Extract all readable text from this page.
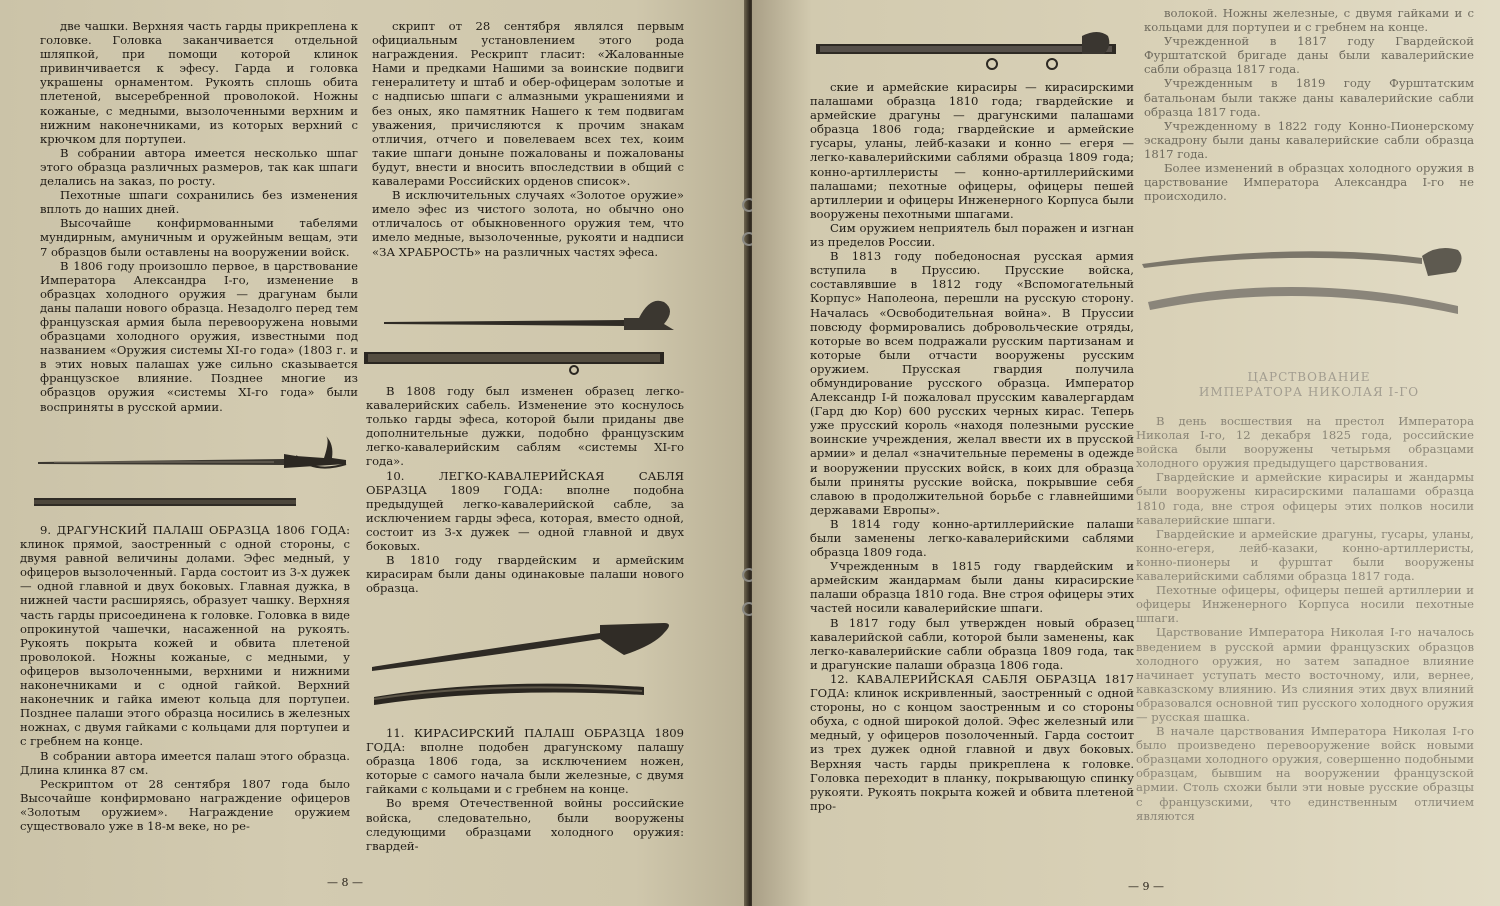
две чашки. Верхняя часть гарды прикреплена к головке. Головка заканчивается отдельной шляпкой, при помощи которой клинок привинчивается к эфесу. Гарда и головка украшены орнаментом. Рукоять сплошь обита плетеной, высеребренной проволокой. Ножны кожаные, с медными, вызолоченными верхним и нижним наконечниками, из которых верхний с крючком для портупеи.

В собрании автора имеется несколько шпаг этого образца различных размеров, так как шпаги делались на заказ, по росту.

Пехотные шпаги сохранились без изменения вплоть до наших дней.

Высочайше конфирмованными табелями мундирным, амуничным и оружейным вещам, эти 7 образцов были оставлены на вооружении войск.

В 1806 году произошло первое, в царствование Императора Александра I-го, изменение в образцах холодного оружия — драгунам были даны палаши нового образца. Незадолго перед тем французская армия была перевооружена новыми образцами холодного оружия, известными под названием «Оружия системы XI-го года» (1803 г. и в этих новых палашах уже сильно сказывается французское влияние. Позднее многие из образцов оружия «системы XI-го года» были восприняты в русской армии.

9. ДРАГУНСКИЙ ПАЛАШ ОБРАЗЦА 1806 ГОДА: клинок прямой, заостренный с одной стороны, с двумя равной величины долами. Эфес медный, у офицеров вызолоченный. Гарда состоит из 3-х дужек — одной главной и двух боковых. Главная дужка, в нижней части расширяясь, образует чашку. Верхняя часть гарды присоединена к головке. Головка в виде опрокинутой чашечки, насаженной на рукоять. Рукоять покрыта кожей и обвита плетеной проволокой. Ножны кожаные, с медными, у офицеров вызолоченными, верхними и нижними наконечниками и с одной гайкой. Верхний наконечник и гайка имеют кольца для портупеи. Позднее палаши этого образца носились в железных ножнах, с двумя гайками с кольцами для портупеи и с гребнем на конце.

В собрании автора имеется палаш этого образца. Длина клинка 87 см.

Рескриптом от 28 сентября 1807 года было Высочайше конфирмовано награждение офицеров «Золотым оружием». Награждение оружием существовало уже в 18-м веке, но ре-

скрипт от 28 сентября являлся первым официальным установлением этого рода награждения. Рескрипт гласит: «Жалованные Нами и предками Нашими за воинские подвиги генералитету и штаб и обер-офицерам золотые и с надписью шпаги с алмазными украшениями и без оных, яко памятник Нашего к тем подвигам уважения, причисляются к прочим знакам отличия, отчего и повелеваем всех тех, коим такие шпаги доныне пожалованы и пожалованы будут, внести и вносить впоследствии в общий с кавалерами Российских орденов список».

В исключительных случаях «Золотое оружие» имело эфес из чистого золота, но обычно оно отличалось от обыкновенного оружия тем, что имело медные, вызолоченные, рукояти и надписи «ЗА ХРАБРОСТЬ» на различных частях эфеса.

В 1808 году был изменен образец легко-кавалерийских сабель. Изменение это коснулось только гарды эфеса, которой были приданы две дополнительные дужки, подобно французским легко-кавалерийским саблям «системы XI-го года».

10. ЛЕГКО-КАВАЛЕРИЙСКАЯ САБЛЯ ОБРАЗЦА 1809 ГОДА: вполне подобна предыдущей легко-кавалерийской сабле, за исключением гарды эфеса, которая, вместо одной, состоит из 3-х дужек — одной главной и двух боковых.

В 1810 году гвардейским и армейским кирасирам были даны одинаковые палаши нового образца.

11. КИРАСИРСКИЙ ПАЛАШ ОБРАЗЦА 1809 ГОДА: вполне подобен драгунскому палашу образца 1806 года, за исключением ножен, которые с самого начала были железные, с двумя гайками с кольцами и с гребнем на конце.

Во время Отечественной войны российские войска, следовательно, были вооружены следующими образцами холодного оружия: гвардей-

— 8 —

ские и армейские кирасиры — кирасирскими палашами образца 1810 года; гвардейские и армейские драгуны — драгунскими палашами образца 1806 года; гвардейские и армейские гусары, уланы, лейб-казаки и конно — егеря — легко-кавалерийскими саблями образца 1809 года; конно-артиллеристы — конно-артиллерийскими палашами; пехотные офицеры, офицеры пешей артиллерии и офицеры Инженерного Корпуса были вооружены пехотными шпагами.

Сим оружием неприятель был поражен и изгнан из пределов России.

В 1813 году победоносная русская армия вступила в Пруссию. Прусские войска, составлявшие в 1812 году «Вспомогательный Корпус» Наполеона, перешли на русскую сторону. Началась «Освободительная война». В Пруссии повсюду формировались добровольческие отряды, которые во всем подражали русским партизанам и которые были отчасти вооружены русским оружием. Прусская гвардия получила обмундирование русского образца. Император Александр I-й пожаловал прусским кавалергардам (Гард дю Кор) 600 русских черных кирас. Теперь уже прусский король «находя полезными русские воинские учреждения, желал ввести их в прусской армии» и делал «значительные перемены в одежде и вооружении прусских войск, в коих для образца были приняты русские войска, покрывшие себя славою в продолжительной борьбе с главнейшими державами Европы».

В 1814 году конно-артиллерийские палаши были заменены легко-кавалерийскими саблями образца 1809 года.

Учрежденным в 1815 году гвардейским и армейским жандармам были даны кирасирские палаши образца 1810 года. Вне строя офицеры этих частей носили кавалерийские шпаги.

В 1817 году был утвержден новый образец кавалерийской сабли, которой были заменены, как легко-кавалерийские сабли образца 1809 года, так и драгунские палаши образца 1806 года.

12. КАВАЛЕРИЙСКАЯ САБЛЯ ОБРАЗЦА 1817 ГОДА: клинок искривленный, заостренный с одной стороны, но с концом заостренным и со стороны обуха, с одной широкой долой. Эфес железный или медный, у офицеров позолоченный. Гарда состоит из трех дужек одной главной и двух боковых. Верхняя часть гарды прикреплена к головке. Головка переходит в планку, покрывающую спинку рукояти. Рукоять покрыта кожей и обвита плетеной про-

волокой. Ножны железные, с двумя гайками и с кольцами для портупеи и с гребнем на конце.

Учрежденной в 1817 году Гвардейской Фурштатской бригаде даны были кавалерийские сабли образца 1817 года.

Учрежденным в 1819 году Фурштатским батальонам были также даны кавалерийские сабли образца 1817 года.

Учрежденному в 1822 году Конно-Пионерскому эскадрону были даны кавалерийские сабли образца 1817 года.

Более изменений в образцах холодного оружия в царствование Императора Александра I-го не происходило.

ЦАРСТВОВАНИЕ
ИМПЕРАТОРА НИКОЛАЯ I-ГО

В день восшествия на престол Императора Николая I-го, 12 декабря 1825 года, российские войска были вооружены четырьмя образцами холодного оружия предыдущего царствования.

Гвардейские и армейские кирасиры и жандармы были вооружены кирасирскими палашами образца 1810 года, вне строя офицеры этих полков носили кавалерийские шпаги.

Гвардейские и армейские драгуны, гусары, уланы, конно-егеря, лейб-казаки, конно-артиллеристы, конно-пионеры и фурштат были вооружены кавалерийскими саблями образца 1817 года.

Пехотные офицеры, офицеры пешей артиллерии и офицеры Инженерного Корпуса носили пехотные шпаги.

Царствование Императора Николая I-го началось введением в русской армии французских образцов холодного оружия, но затем западное влияние начинает уступать место восточному, или, вернее, кавказскому влиянию. Из слияния этих двух влияний образовался основной тип русского холодного оружия — русская шашка.

В начале царствования Императора Николая I-го было произведено перевооружение войск новыми образцами холодного оружия, совершенно подобными образцам, бывшим на вооружении французской армии. Столь схожи были эти новые русские образцы с французскими, что единственным отличием являются

— 9 —
